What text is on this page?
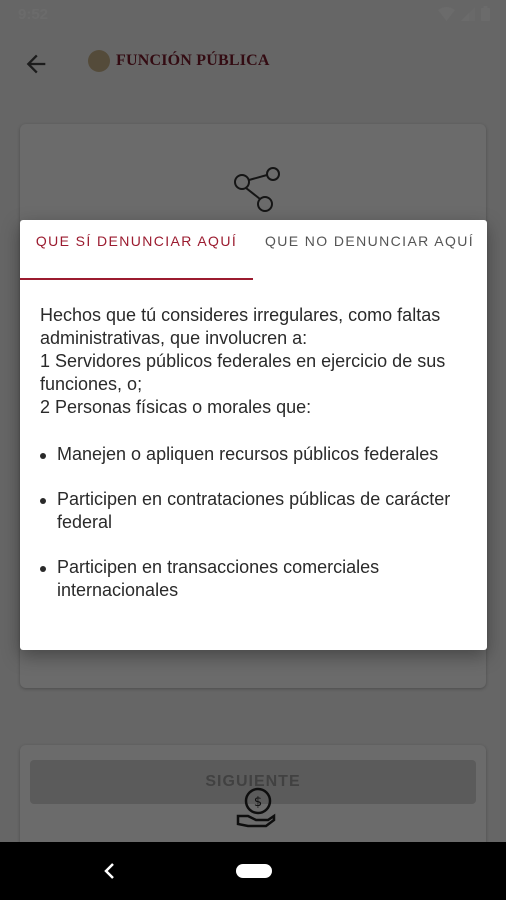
QUE SÍ DENUNCIAR AQUÍ	QUE NO DENUNCIAR AQUÍ

Hechos que tú consideres irregulares, como faltas administrativas, que involucren a:

1 Servidores públicos federales en ejercicio de sus funciones, o;

2 Personas físicas o morales que:

Manejen o apliquen recursos públicos federales
Participen en contrataciones públicas de carácter federal
Participen en transacciones comerciales internacionales
